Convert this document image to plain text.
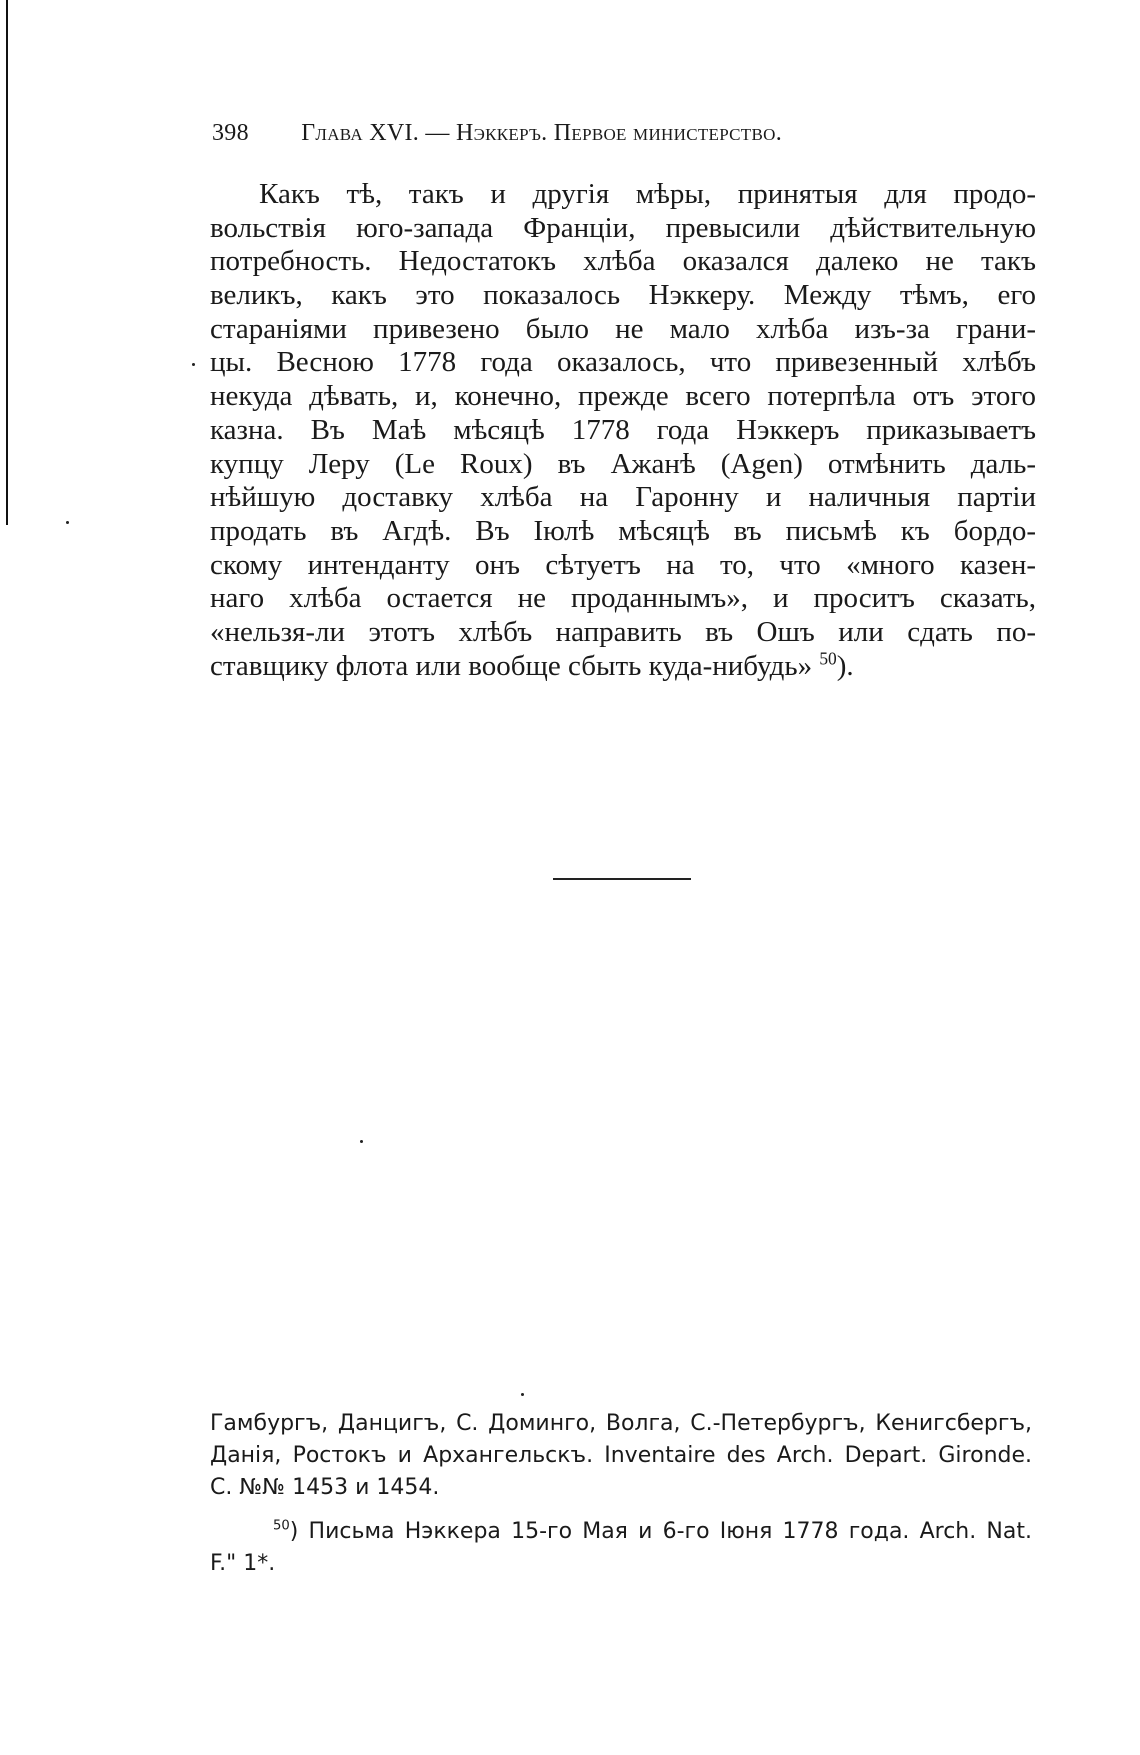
398 Глава XVI. — Нэккеръ. Первое министерство.
Какъ тѣ, такъ и другія мѣры, принятыя для продо-
вольствія юго-запада Франціи, превысили дѣйствительную
потребность. Недостатокъ хлѣба оказался далеко не такъ
великъ, какъ это показалось Нэккеру. Между тѣмъ, его
стараніями привезено было не мало хлѣба изъ-за грани-
цы. Весною 1778 года оказалось, что привезенный хлѣбъ
некуда дѣвать, и, конечно, прежде всего потерпѣла отъ этого
казна. Въ Маѣ мѣсяцѣ 1778 года Нэккеръ приказываетъ
купцу Леру (Le Roux) въ Ажанѣ (Agen) отмѣнить даль-
нѣйшую доставку хлѣба на Гаронну и наличныя партіи
продать въ Агдѣ. Въ Іюлѣ мѣсяцѣ въ письмѣ къ бордо-
скому интенданту онъ сѣтуетъ на то, что «много казен-
наго хлѣба остается не проданнымъ», и проситъ сказать,
«нельзя-ли этотъ хлѣбъ направить въ Ошъ или сдать по-
ставщику флота или вообще сбыть куда-нибудь» $^{50}$).
Гамбургъ, Данцигъ, С. Доминго, Волга, С.-Петербургъ, Кенигсбергъ,
Данія, Ростокъ и Архангельскъ. Inventaire des Arch. Depart. Gironde.
С. №№ 1453 и 1454.
$^{50}$) Письма Нэккера 15-го Мая и 6-го Іюня 1778 года. Arch. Nat.
F." 1*.
